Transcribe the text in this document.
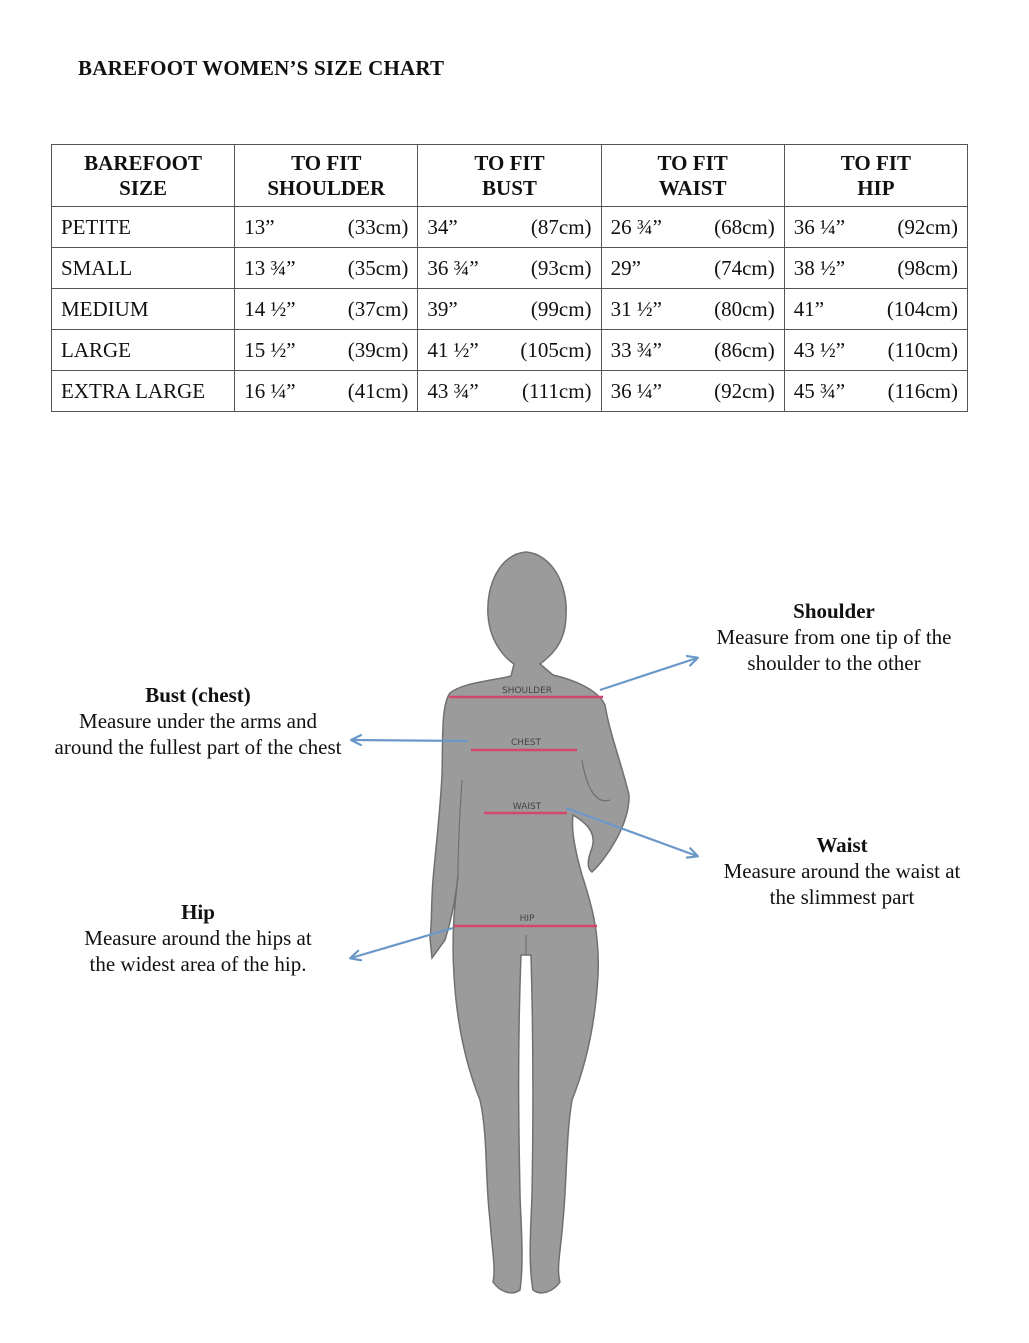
BAREFOOT WOMEN’S SIZE CHART
BAREFOOT
SIZE	TO FIT
SHOULDER	TO FIT
BUST	TO FIT
WAIST	TO FIT
HIP
PETITE	13” (33cm)	34” (87cm)	26 ¾” (68cm)	36 ¼” (92cm)

SMALL	13 ¾” (35cm)	36 ¾” (93cm)	29” (74cm)	38 ½” (98cm)

MEDIUM	14 ½” (37cm)	39” (99cm)	31 ½” (80cm)	41” (104cm)

LARGE	15 ½” (39cm)	41 ½” (105cm)	33 ¾” (86cm)	43 ½” (110cm)

EXTRA LARGE	16 ¼” (41cm)	43 ¾” (111cm)	36 ¼” (92cm)	45 ¾” (116cm)
SHOULDER
CHEST
WAIST
HIP
Shoulder
Measure from one tip of the
shoulder to the other
Bust (chest)
Measure under the arms and
around the fullest part of the chest
Waist
Measure around the waist at
the slimmest part
Hip
Measure around the hips at
the widest area of the hip.
